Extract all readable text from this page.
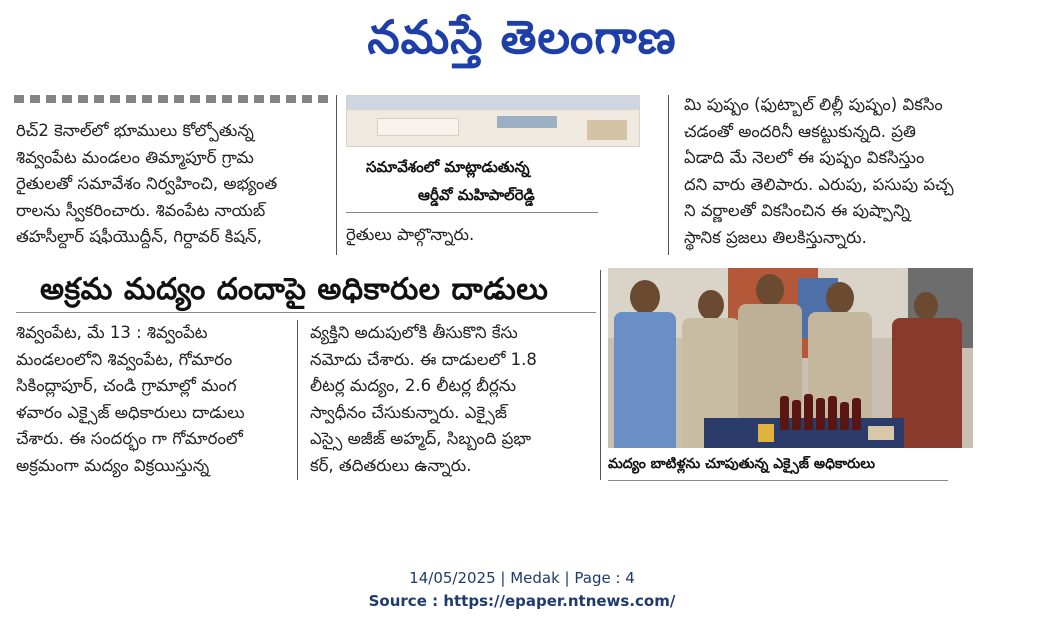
నమస్తే తెలంగాణ
రిచ్2 కెనాల్‌లో భూములు కోల్పోతున్న
శివ్వంపేట మండలం తిమ్మాపూర్ గ్రామ
రైతులతో సమావేశం నిర్వహించి, అభ్యంత
రాలను స్వీకరించారు. శివంపేట నాయబ్
తహసీల్దార్ షఫీయొద్దీన్, గిర్దావర్ కిషన్,
సమావేశంలో మాట్లాడుతున్న
ఆర్డీవో మహిపాల్‌రెడ్డి
రైతులు పాల్గొన్నారు.
మి పుష్పం (ఫుట్బాల్ లిల్లీ పుష్పం) వికసిం
చడంతో అందరినీ ఆకట్టుకున్నది. ప్రతి
ఏడాది మే నెలలో ఈ పుష్పం వికసిస్తుం
దని వారు తెలిపారు. ఎరుపు, పసుపు పచ్చ
ని వర్ణాలతో వికసించిన ఈ పుష్పాన్ని
స్థానిక ప్రజలు తిలకిస్తున్నారు.
అక్రమ మద్యం దందాపై అధికారుల దాడులు
శివ్వంపేట, మే 13 : శివ్వంపేట
మండలంలోని శివ్వంపేట, గోమారం
సికింద్లాపూర్, చండి గ్రామాల్లో మంగ
ళవారం ఎక్సైజ్ అధికారులు దాడులు
చేశారు. ఈ సందర్భం గా గోమారంలో
అక్రమంగా మద్యం విక్రయిస్తున్న
వ్యక్తిని అదుపులోకి తీసుకొని కేసు
నమోదు చేశారు. ఈ దాడులలో 1.8
లీటర్ల మద్యం, 2.6 లీటర్ల బీర్లను
స్వాధీనం చేసుకున్నారు. ఎక్సైజ్
ఎస్సై అజీజ్ అహ్మద్, సిబ్బంది ప్రభా
కర్, తదితరులు ఉన్నారు.	మద్యం బాటిళ్లను చూపుతున్న ఎక్సైజ్ అధికారులు
14/05/2025 | Medak | Page : 4
Source : https://epaper.ntnews.com/
